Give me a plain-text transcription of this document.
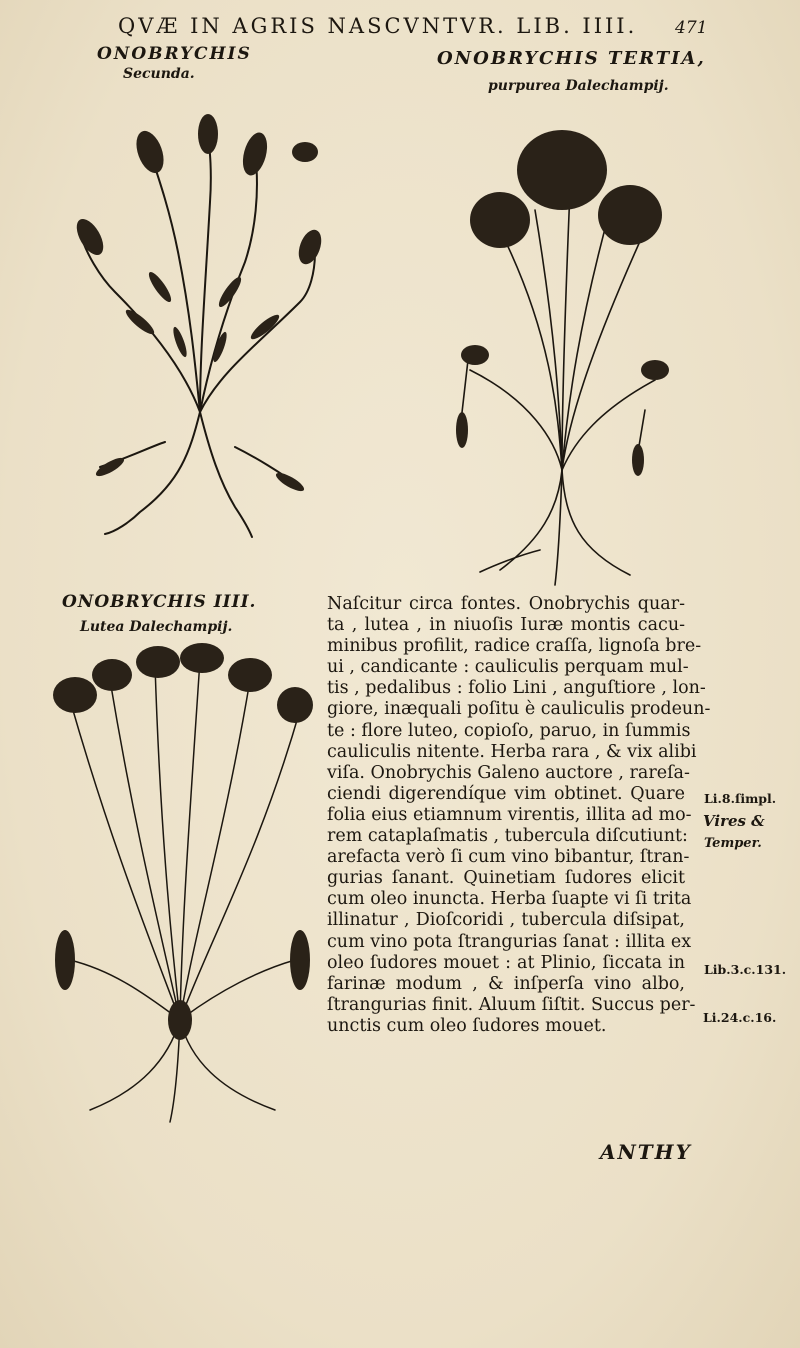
QVÆ IN AGRIS NASCVNTVR. LIB. IIII. 471
ONOBRYCHIS
Secunda.
ONOBRYCHIS TERTIA,
purpurea Dalechampij.
ONOBRYCHIS IIII.
Lutea Dalechampij.
Naſcitur circa fontes. Onobrychis quar-
ta , lutea , in niuoſis Iuræ montis cacu-
minibus profilit, radice craſſa, lignoſa bre-
ui , candicante : cauliculis perquam mul-
tis , pedalibus : folio Lini , anguſtiore , lon-
giore, inæquali poſitu è cauliculis prodeun-
te : flore luteo, copioſo, paruo, in ſummis
cauliculis nitente. Herba rara , & vix alibi
viſa. Onobrychis Galeno auctore , rareſa-
ciendi digerendíque vim obtinet. Quare
folia eius etiamnum virentis, illita ad mo-
rem cataplaſmatis , tubercula diſcutiunt:
arefacta verò ſi cum vino bibantur, ſtran-
gurias ſanant. Quinetiam ſudores elicit
cum oleo inuncta. Herba ſuapte vi ſi trita
illinatur , Dioſcoridi , tubercula diſsipat,
cum vino pota ſtrangurias ſanat : illita ex
oleo ſudores mouet : at Plinio, ſiccata in
farinæ modum , & inſperſa vino albo,
ſtrangurias finit. Aluum ſiſtit. Succus per-
unctis cum oleo ſudores mouet.
Li.8.ſimpl.
Vires &
Temper.
Lib.3.c.131.
Li.24.c.16.
ANTHY
